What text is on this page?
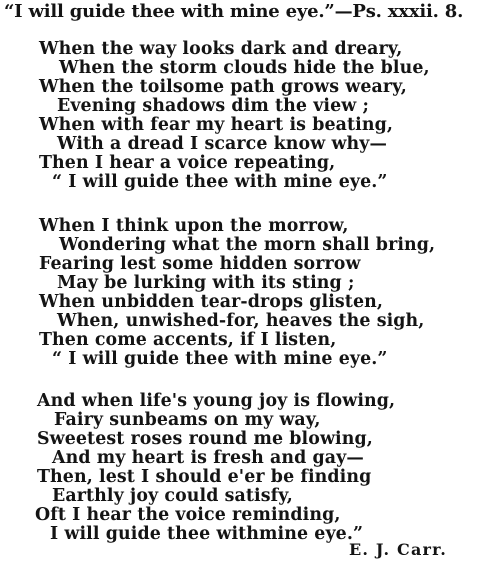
“I will guide thee with mine eye.”—Ps. xxxii. 8.
When the way looks dark and dreary,
When the storm clouds hide the blue,
When the toilsome path grows weary,
Evening shadows dim the view ;
When with fear my heart is beating,
With a dread I scarce know why—
Then I hear a voice repeating,
“ I will guide thee with mine eye.”
When I think upon the morrow,
Wondering what the morn shall bring,
Fearing lest some hidden sorrow
May be lurking with its sting ;
When unbidden tear-drops glisten,
When, unwished-for, heaves the sigh,
Then come accents, if I listen,
“ I will guide thee with mine eye.”
And when life's young joy is flowing,
Fairy sunbeams on my way,
Sweetest roses round me blowing,
And my heart is fresh and gay—
Then, lest I should e'er be finding
Earthly joy could satisfy,
Oft I hear the voice reminding,
I will guide thee withmine eye.”
E. J. Carr.
